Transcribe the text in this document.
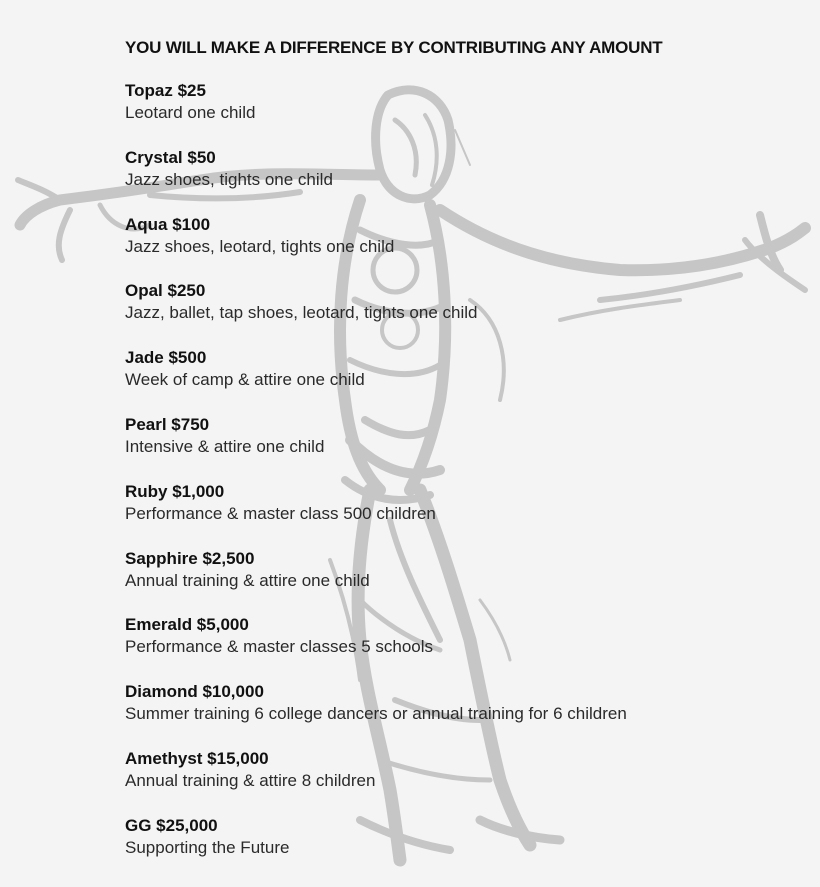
YOU WILL MAKE A DIFFERENCE BY CONTRIBUTING ANY AMOUNT
Topaz $25
Leotard one child
Crystal $50
Jazz shoes, tights one child
Aqua $100
Jazz shoes, leotard, tights one child
Opal $250
Jazz, ballet, tap shoes, leotard, tights one child
Jade $500
Week of camp & attire one child
Pearl $750
Intensive & attire one child
Ruby $1,000
Performance & master class 500 children
Sapphire $2,500
Annual training & attire one child
Emerald $5,000
Performance & master classes 5 schools
Diamond $10,000
Summer training 6 college dancers or annual training for 6 children
Amethyst $15,000
Annual training & attire 8 children
GG $25,000
Supporting the Future
